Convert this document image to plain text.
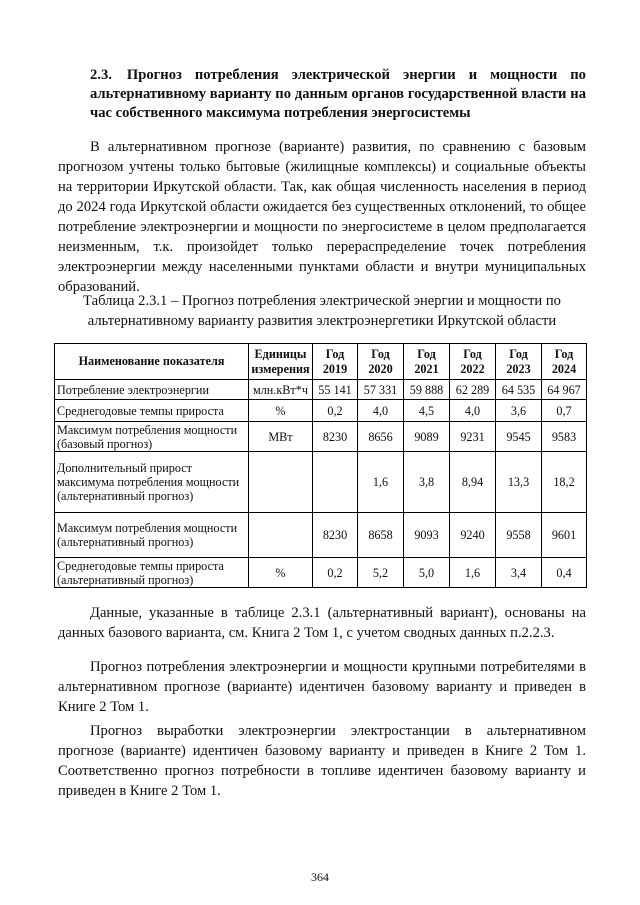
2.3. Прогноз потребления электрической энергии и мощности по альтернативному варианту по данным органов государственной власти на час собственного максимума потребления энергосистемы
В альтернативном прогнозе (варианте) развития, по сравнению с базовым прогнозом учтены только бытовые (жилищные комплексы) и социальные объекты на территории Иркутской области. Так, как общая численность населения в период до 2024 года Иркутской области ожидается без существенных отклонений, то общее потребление электроэнергии и мощности по энергосистеме в целом предполагается неизменным, т.к. произойдет только перераспределение точек потребления электроэнергии между населенными пунктами области и внутри муниципальных образований.
Таблица 2.3.1 – Прогноз потребления электрической энергии и мощности по альтернативному варианту развития электроэнергетики Иркутской области
Наименование показателя	Единицы измерения	Год 2019	Год 2020	Год 2021	Год 2022	Год 2023	Год 2024
Потребление электроэнергии	млн.кВт*ч	55 141	57 331	59 888	62 289	64 535	64 967
Среднегодовые темпы прироста	%	0,2	4,0	4,5	4,0	3,6	0,7
Максимум потребления мощности (базовый прогноз)	МВт	8230	8656	9089	9231	9545	9583
Дополнительный прирост максимума потребления мощности (альтернативный прогноз)			1,6	3,8	8,94	13,3	18,2
Максимум потребления мощности (альтернативный прогноз)		8230	8658	9093	9240	9558	9601
Среднегодовые темпы прироста (альтернативный прогноз)	%	0,2	5,2	5,0	1,6	3,4	0,4
Данные, указанные в таблице 2.3.1 (альтернативный вариант), основаны на данных базового варианта, см. Книга 2 Том 1, с учетом сводных данных п.2.2.3.
Прогноз потребления электроэнергии и мощности крупными потребителями в альтернативном прогнозе (варианте) идентичен базовому варианту и приведен в Книге 2 Том 1.
Прогноз выработки электроэнергии электростанции в альтернативном прогнозе (варианте) идентичен базовому варианту и приведен в Книге 2 Том 1. Соответственно прогноз потребности в топливе идентичен базовому варианту и приведен в Книге 2 Том 1.
364
